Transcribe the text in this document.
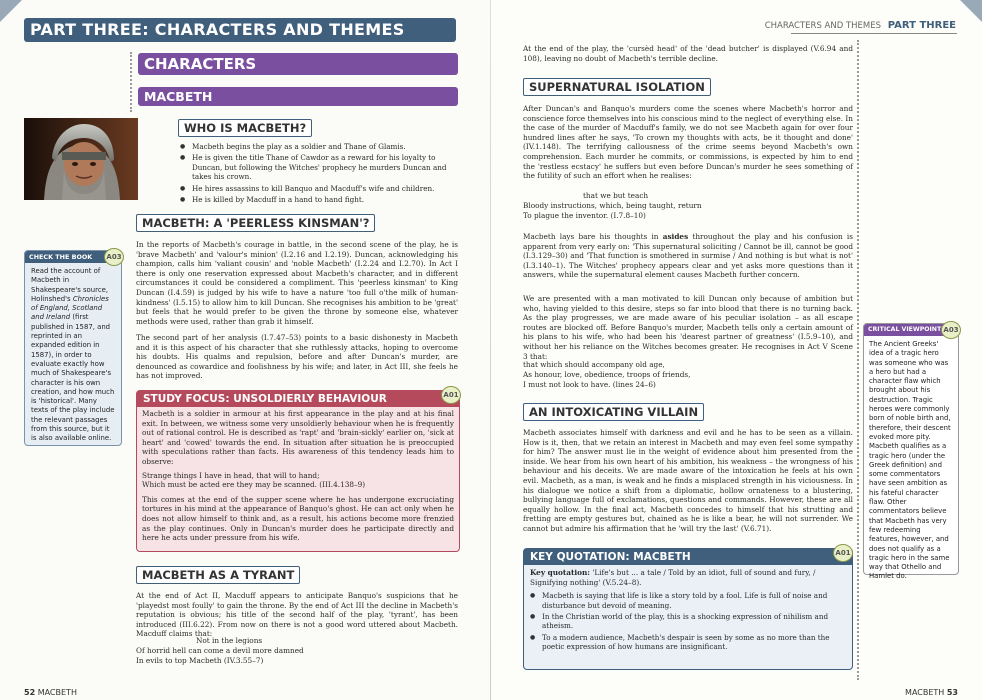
PART THREE: CHARACTERS AND THEMES
CHARACTERS
MACBETH
WHO IS MACBETH?
● Macbeth begins the play as a soldier and Thane of Glamis.
● He is given the title Thane of Cawdor as a reward for his loyalty to Duncan, but following the Witches' prophecy he murders Duncan and takes his crown.
● He hires assassins to kill Banquo and Macduff's wife and children.
● He is killed by Macduff in a hand to hand fight.
MACBETH: A 'PEERLESS KINSMAN'?
In the reports of Macbeth's courage in battle, in the second scene of the play, he is 'brave Macbeth' and 'valour's minion' (I.2.16 and I.2.19). Duncan, acknowledging his champion, calls him 'valiant cousin' and 'noble Macbeth' (I.2.24 and I.2.70). In Act I there is only one reservation expressed about Macbeth's character, and in different circumstances it could be considered a compliment. This 'peerless kinsman' to King Duncan (I.4.59) is judged by his wife to have a nature 'too full o'the milk of human-kindness' (I.5.15) to allow him to kill Duncan. She recognises his ambition to be 'great' but feels that he would prefer to be given the throne by someone else, whatever methods were used, rather than grab it himself.
The second part of her analysis (I.7.47–53) points to a basic dishonesty in Macbeth and it is this aspect of his character that she ruthlessly attacks, hoping to overcome his doubts. His qualms and repulsion, before and after Duncan's murder, are denounced as cowardice and foolishness by his wife; and later, in Act III, she feels he has not improved.
CHECK THE BOOK
Read the account of Macbeth in Shakespeare's source, Holinshed's Chronicles of England, Scotland and Ireland (first published in 1587, and reprinted in an expanded edition in 1587), in order to evaluate exactly how much of Shakespeare's character is his own creation, and how much is 'historical'. Many texts of the play include the relevant passages from this source, but it is also available online.
A03
STUDY FOCUS: UNSOLDIERLY BEHAVIOUR
Macbeth is a soldier in armour at his first appearance in the play and at his final exit. In between, we witness some very unsoldierly behaviour when he is frequently out of rational control. He is described as 'rapt' and 'brain-sickly' earlier on, 'sick at heart' and 'cowed' towards the end. In situation after situation he is preoccupied with speculations rather than facts. His awareness of this tendency leads him to observe:
Strange things I have in head, that will to hand;
Which must be acted ere they may be scanned. (III.4.138–9)
This comes at the end of the supper scene where he has undergone excruciating tortures in his mind at the appearance of Banquo's ghost. He can act only when he does not allow himself to think and, as a result, his actions become more frenzied as the play continues. Only in Duncan's murder does he participate directly and here he acts under pressure from his wife.
A01
MACBETH AS A TYRANT
At the end of Act II, Macduff appears to anticipate Banquo's suspicions that he 'playedst most foully' to gain the throne. By the end of Act III the decline in Macbeth's reputation is obvious; his title of the second half of the play, 'tyrant', has been introduced (III.6.22). From now on there is not a good word uttered about Macbeth. Macduff claims that:
Not in the legions
Of horrid hell can come a devil more damned
In evils to top Macbeth (IV.3.55–7)
52 MACBETH
CHARACTERS AND THEMES PART THREE
At the end of the play, the 'cursèd head' of the 'dead butcher' is displayed (V.6.94 and 108), leaving no doubt of Macbeth's terrible decline.
SUPERNATURAL ISOLATION
After Duncan's and Banquo's murders come the scenes where Macbeth's horror and conscience force themselves into his conscious mind to the neglect of everything else. In the case of the murder of Macduff's family, we do not see Macbeth again for over four hundred lines after he says, 'To crown my thoughts with acts, be it thought and done' (IV.1.148). The terrifying callousness of the crime seems beyond Macbeth's own comprehension. Each murder he commits, or commissions, is expected by him to end the 'restless ecstacy' he suffers but even before Duncan's murder he sees something of the futility of such an effort when he realises:
that we but teach
Bloody instructions, which, being taught, return
To plague the inventor. (I.7.8–10)
Macbeth lays bare his thoughts in asides throughout the play and his confusion is apparent from very early on: 'This supernatural soliciting / Cannot be ill, cannot be good (I.3.129–30) and 'That function is smothered in surmise / And nothing is but what is not' (I.3.140–1). The Witches' prophecy appears clear and yet asks more questions than it answers, while the supernatural element causes Macbeth further concern.
We are presented with a man motivated to kill Duncan only because of ambition but who, having yielded to this desire, steps so far into blood that there is no turning back. As the play progresses, we are made aware of his peculiar isolation – as all escape routes are blocked off. Before Banquo's murder, Macbeth tells only a certain amount of his plans to his wife, who had been his 'dearest partner of greatness' (I.5.9–10), and without her his reliance on the Witches becomes greater. He recognises in Act V Scene 3 that:
that which should accompany old age,
As honour, love, obedience, troops of friends,
I must not look to have. (lines 24–6)
AN INTOXICATING VILLAIN
Macbeth associates himself with darkness and evil and he has to be seen as a villain. How is it, then, that we retain an interest in Macbeth and may even feel some sympathy for him? The answer must lie in the weight of evidence about him presented from the inside. We hear from his own heart of his ambition, his weakness – the wrongness of his behaviour and his deceits. We are made aware of the intoxication he feels at his own evil. Macbeth, as a man, is weak and he finds a misplaced strength in his viciousness. In his dialogue we notice a shift from a diplomatic, hollow ornateness to a blustering, bullying language full of exclamations, questions and commands. However, these are all equally hollow. In the final act, Macbeth concedes to himself that his strutting and fretting are empty gestures but, chained as he is like a bear, he will not surrender. We cannot but admire his affirmation that he 'will try the last' (V.6.71).
KEY QUOTATION: MACBETH
Key quotation: 'Life's but ... a tale / Told by an idiot, full of sound and fury, / Signifying nothing' (V.5.24–8).
● Macbeth is saying that life is like a story told by a fool. Life is full of noise and disturbance but devoid of meaning.
● In the Christian world of the play, this is a shocking expression of nihilism and atheism.
● To a modern audience, Macbeth's despair is seen by some as no more than the poetic expression of how humans are insignificant.
A01
CRITICAL VIEWPOINT
The Ancient Greeks' idea of a tragic hero was someone who was a hero but had a character flaw which brought about his destruction. Tragic heroes were commonly born of noble birth and, therefore, their descent evoked more pity. Macbeth qualifies as a tragic hero (under the Greek definition) and some commentators have seen ambition as his fateful character flaw. Other commentators believe that Macbeth has very few redeeming features, however, and does not qualify as a tragic hero in the same way that Othello and Hamlet do.
A03
MACBETH 53
